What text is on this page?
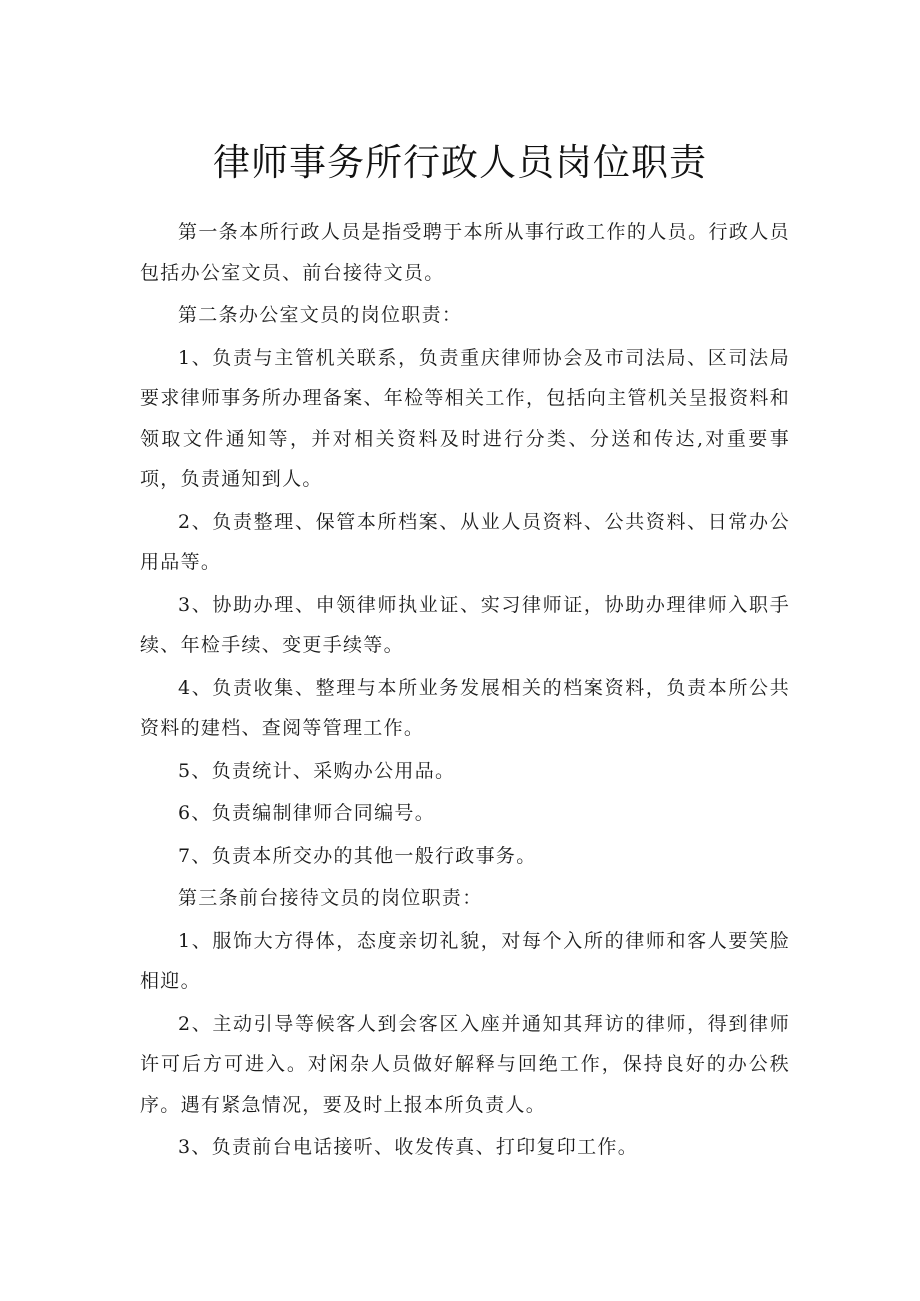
律师事务所行政人员岗位职责

第一条本所行政人员是指受聘于本所从事行政工作的人员。行政人员包括办公室文员、前台接待文员。

第二条办公室文员的岗位职责：

1、负责与主管机关联系，负责重庆律师协会及市司法局、区司法局要求律师事务所办理备案、年检等相关工作，包括向主管机关呈报资料和领取文件通知等，并对相关资料及时进行分类、分送和传达,对重要事项，负责通知到人。

2、负责整理、保管本所档案、从业人员资料、公共资料、日常办公用品等。

3、协助办理、申领律师执业证、实习律师证，协助办理律师入职手续、年检手续、变更手续等。

4、负责收集、整理与本所业务发展相关的档案资料，负责本所公共资料的建档、查阅等管理工作。

5、负责统计、采购办公用品。

6、负责编制律师合同编号。

7、负责本所交办的其他一般行政事务。

第三条前台接待文员的岗位职责：

1、服饰大方得体，态度亲切礼貌，对每个入所的律师和客人要笑脸相迎。

2、主动引导等候客人到会客区入座并通知其拜访的律师，得到律师许可后方可进入。对闲杂人员做好解释与回绝工作，保持良好的办公秩序。遇有紧急情况，要及时上报本所负责人。

3、负责前台电话接听、收发传真、打印复印工作。
